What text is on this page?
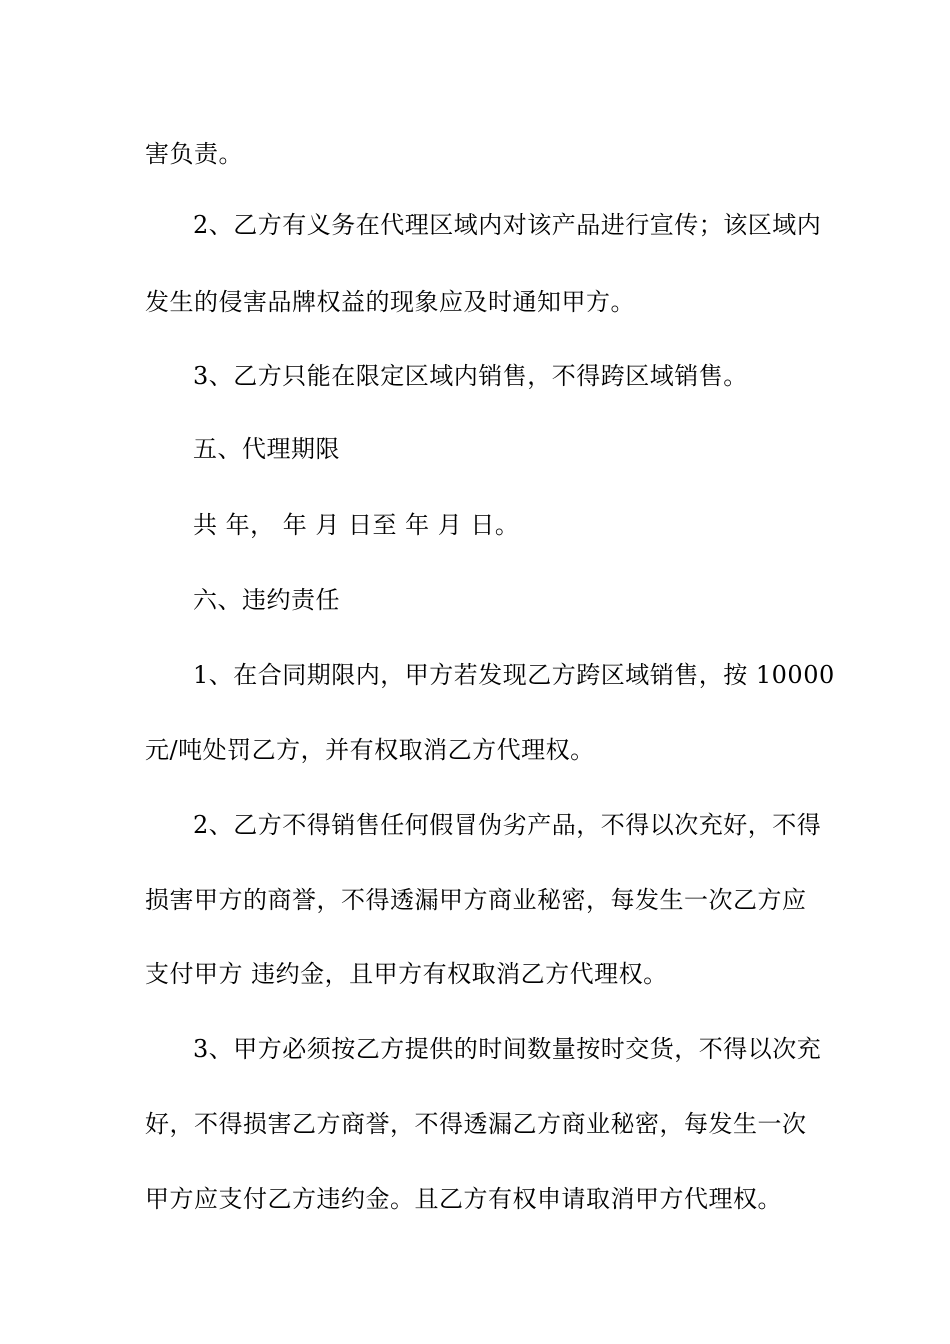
害负责。
2、乙方有义务在代理区域内对该产品进行宣传；该区域内
发生的侵害品牌权益的现象应及时通知甲方。
3、乙方只能在限定区域内销售，不得跨区域销售。
五、代理期限
共 年， 年 月 日至 年 月 日。
六、违约责任
1、在合同期限内，甲方若发现乙方跨区域销售，按 10000
元/吨处罚乙方，并有权取消乙方代理权。
2、乙方不得销售任何假冒伪劣产品，不得以次充好，不得
损害甲方的商誉，不得透漏甲方商业秘密，每发生一次乙方应
支付甲方 违约金，且甲方有权取消乙方代理权。
3、甲方必须按乙方提供的时间数量按时交货，不得以次充
好，不得损害乙方商誉，不得透漏乙方商业秘密，每发生一次
甲方应支付乙方违约金。且乙方有权申请取消甲方代理权。
